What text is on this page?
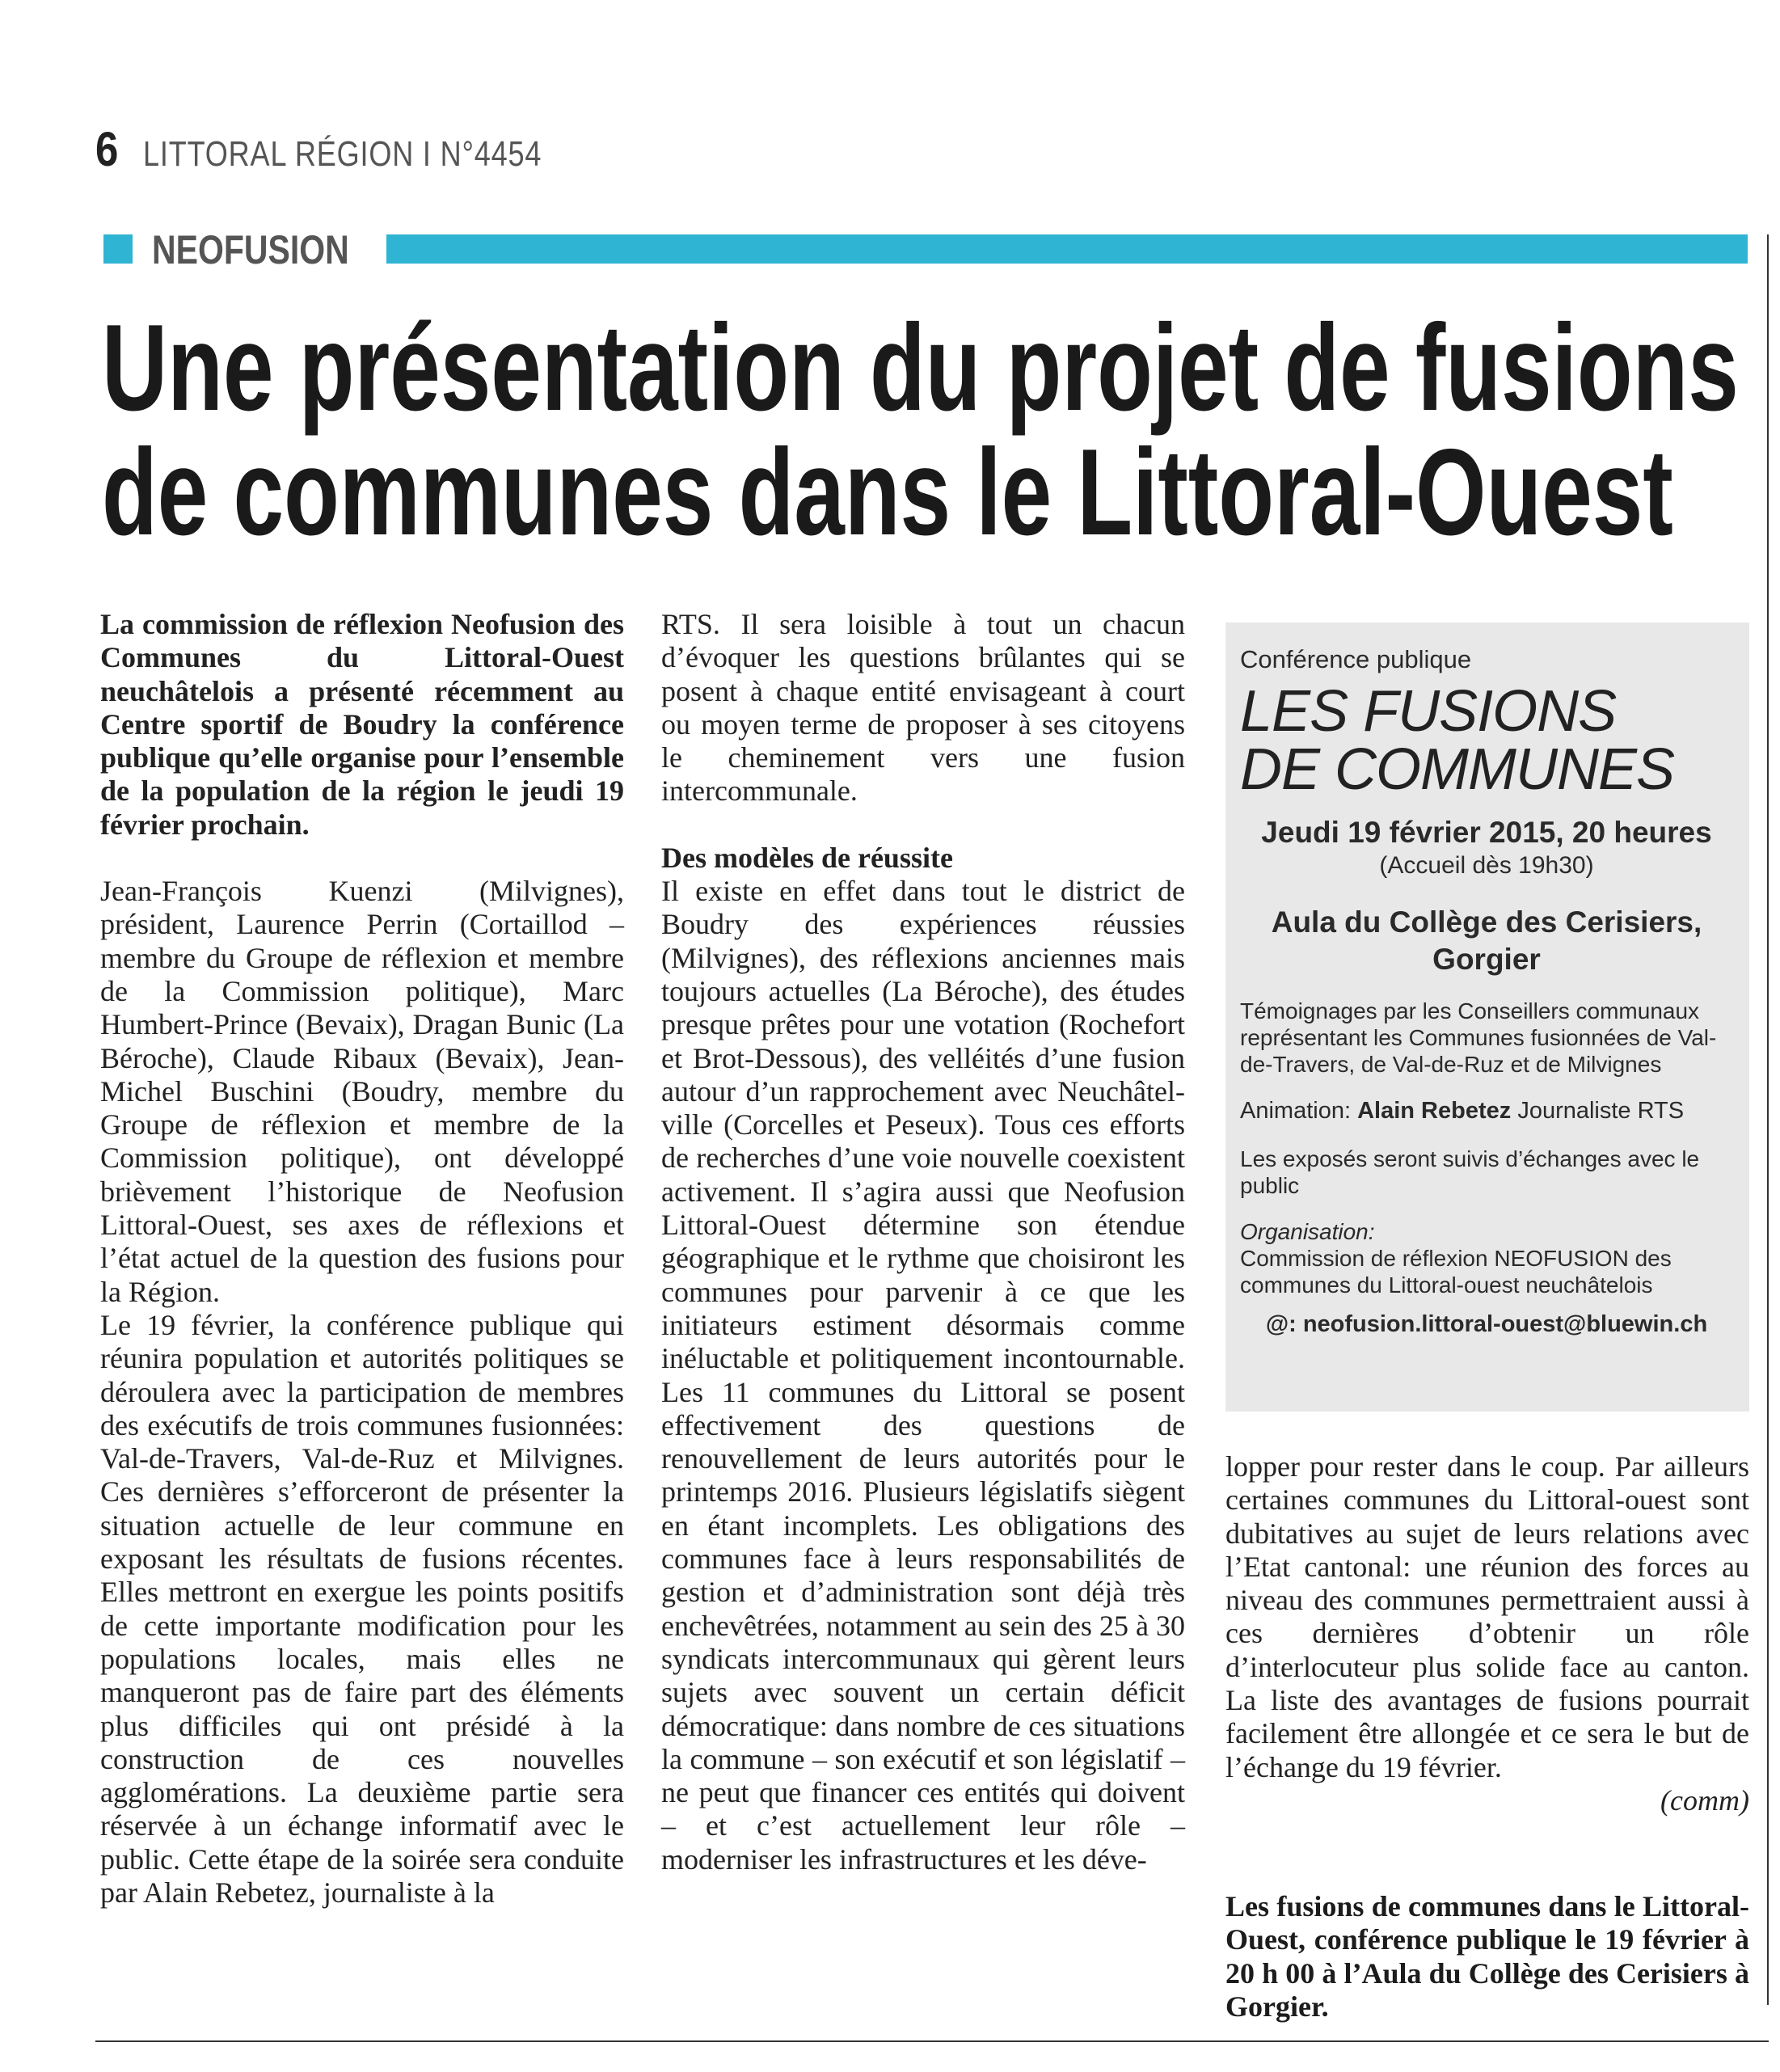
6 LITTORAL RÉGION I N°4454
NEOFUSION
Une présentation du projet de fusions
de communes dans le Littoral-Ouest

La commission de réflexion Neofusion des Communes du Littoral-Ouest neuchâtelois a présenté récemment au Centre sportif de Boudry la conférence publique qu’elle organise pour l’ensemble de la population de la région le jeudi 19 février prochain.

Jean-François Kuenzi (Milvignes), président, Laurence Perrin (Cortaillod – membre du Groupe de réflexion et membre de la Commission politique), Marc Humbert-Prince (Bevaix), Dragan Bunic (La Béroche), Claude Ribaux (Bevaix), Jean-Michel Buschini (Boudry, membre du Groupe de réflexion et membre de la Commission politique), ont développé brièvement l’historique de Neofusion Littoral-Ouest, ses axes de réflexions et l’état actuel de la question des fusions pour la Région.

Le 19 février, la conférence publique qui réunira population et autorités politiques se déroulera avec la participation de membres des exécutifs de trois communes fusionnées: Val-de-Travers, Val-de-Ruz et Milvignes. Ces dernières s’efforceront de présenter la situation actuelle de leur commune en exposant les résultats de fusions récentes. Elles mettront en exergue les points positifs de cette importante modification pour les populations locales, mais elles ne manqueront pas de faire part des éléments plus difficiles qui ont présidé à la construction de ces nouvelles agglomérations. La deuxième partie sera réservée à un échange informatif avec le public. Cette étape de la soirée sera conduite par Alain Rebetez, journaliste à la

RTS. Il sera loisible à tout un chacun d’évoquer les questions brûlantes qui se posent à chaque entité envisageant à court ou moyen terme de proposer à ses citoyens le cheminement vers une fusion intercommunale.

Des modèles de réussite

Il existe en effet dans tout le district de Boudry des expériences réussies (Milvignes), des réflexions anciennes mais toujours actuelles (La Béroche), des études presque prêtes pour une votation (Rochefort et Brot-Dessous), des velléités d’une fusion autour d’un rapprochement avec Neuchâtel-ville (Corcelles et Peseux). Tous ces efforts de recherches d’une voie nouvelle coexistent activement. Il s’agira aussi que Neofusion Littoral-Ouest détermine son étendue géographique et le rythme que choisiront les communes pour parvenir à ce que les initiateurs estiment désormais comme inéluctable et politiquement incontournable. Les 11 communes du Littoral se posent effectivement des questions de renouvellement de leurs autorités pour le printemps 2016. Plusieurs législatifs siègent en étant incomplets. Les obligations des communes face à leurs responsabilités de gestion et d’administration sont déjà très enchevêtrées, notamment au sein des 25 à 30 syndicats intercommunaux qui gèrent leurs sujets avec souvent un certain déficit démocratique: dans nombre de ces situations la commune – son exécutif et son législatif – ne peut que financer ces entités qui doivent – et c’est actuellement leur rôle – moderniser les infrastructures et les déve-

Conférence publique
LES FUSIONS
DE COMMUNES
Jeudi 19 février 2015, 20 heures
(Accueil dès 19h30)
Aula du Collège des Cerisiers,
Gorgier
Témoignages par les Conseillers communaux représentant les Communes fusionnées de Val-de-Travers, de Val-de-Ruz et de Milvignes
Animation: Alain Rebetez Journaliste RTS
Les exposés seront suivis d’échanges avec le public
Organisation:
Commission de réflexion NEOFUSION des communes du Littoral-ouest neuchâtelois
@: neofusion.littoral-ouest@bluewin.ch

lopper pour rester dans le coup. Par ailleurs certaines communes du Littoral-ouest sont dubitatives au sujet de leurs relations avec l’Etat cantonal: une réunion des forces au niveau des communes permettraient aussi à ces dernières d’obtenir un rôle d’interlocuteur plus solide face au canton. La liste des avantages de fusions pourrait facilement être allongée et ce sera le but de l’échange du 19 février.

(comm)

Les fusions de communes dans le Littoral-Ouest, conférence publique le 19 février à 20 h 00 à l’Aula du Collège des Cerisiers à Gorgier.
